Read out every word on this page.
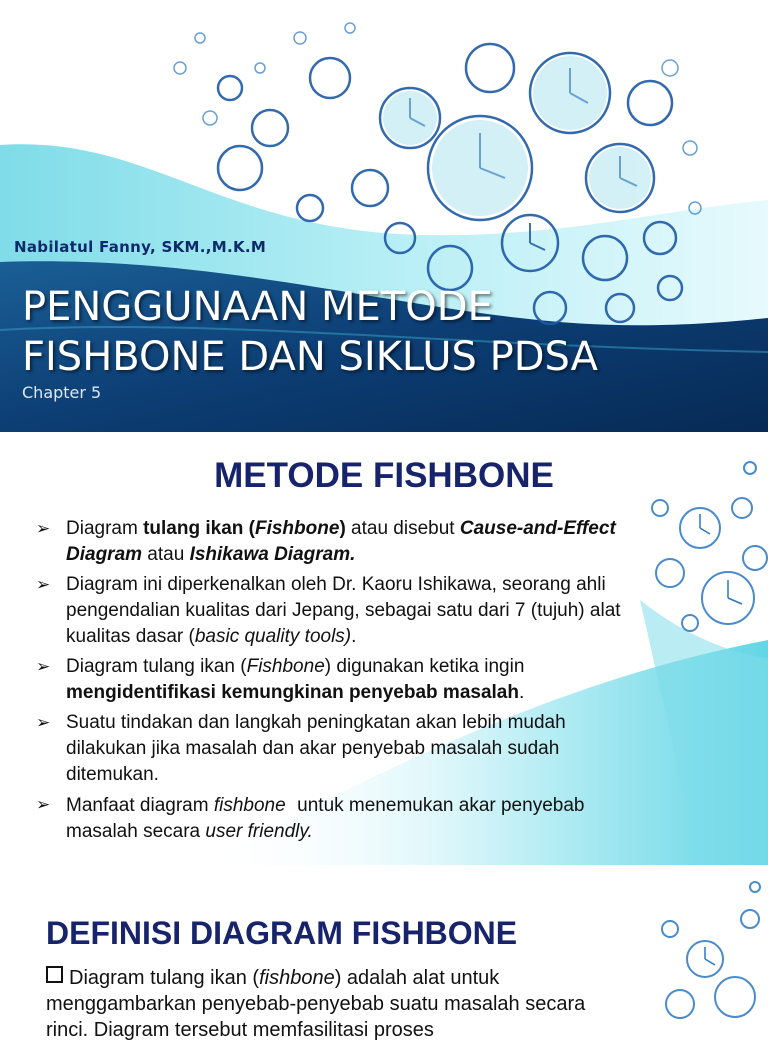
Nabilatul Fanny, SKM.,M.K.M
PENGGUNAAN METODE
FISHBONE DAN SIKLUS PDSA
Chapter 5
METODE FISHBONE
➢ Diagram tulang ikan (Fishbone) atau disebut Cause-and-Effect Diagram atau Ishikawa Diagram.
➢ Diagram ini diperkenalkan oleh Dr. Kaoru Ishikawa, seorang ahli pengendalian kualitas dari Jepang, sebagai satu dari 7 (tujuh) alat kualitas dasar (basic quality tools).
➢ Diagram tulang ikan (Fishbone) digunakan ketika ingin mengidentifikasi kemungkinan penyebab masalah.
➢ Suatu tindakan dan langkah peningkatan akan lebih mudah dilakukan jika masalah dan akar penyebab masalah sudah ditemukan.
➢ Manfaat diagram fishbone untuk menemukan akar penyebab masalah secara user friendly.
DEFINISI DIAGRAM FISHBONE
Diagram tulang ikan (fishbone) adalah alat untuk menggambarkan penyebab-penyebab suatu masalah secara rinci. Diagram tersebut memfasilitasi proses
